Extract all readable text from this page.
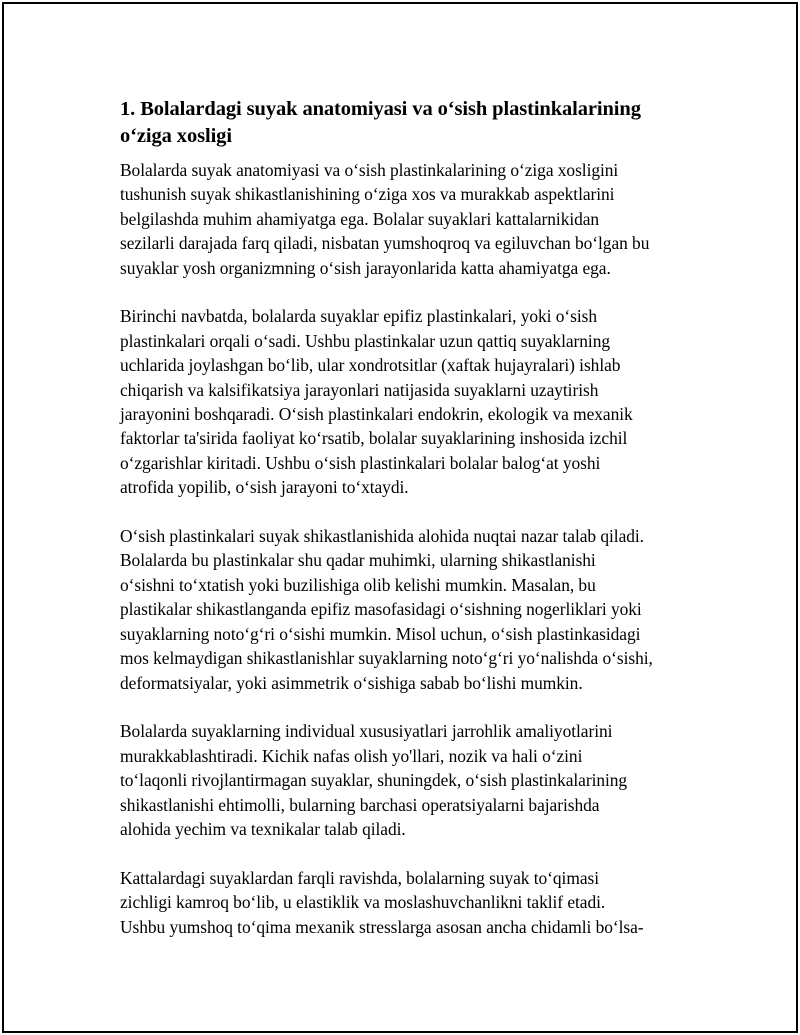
1. Bolalardagi suyak anatomiyasi va o‘sish plastinkalarining
o‘ziga xosligi

Bolalarda suyak anatomiyasi va o‘sish plastinkalarining o‘ziga xosligini
tushunish suyak shikastlanishining o‘ziga xos va murakkab aspektlarini
belgilashda muhim ahamiyatga ega. Bolalar suyaklari kattalarnikidan
sezilarli darajada farq qiladi, nisbatan yumshoqroq va egiluvchan bo‘lgan bu
suyaklar yosh organizmning o‘sish jarayonlarida katta ahamiyatga ega.

Birinchi navbatda, bolalarda suyaklar epifiz plastinkalari, yoki o‘sish
plastinkalari orqali o‘sadi. Ushbu plastinkalar uzun qattiq suyaklarning
uchlarida joylashgan bo‘lib, ular xondrotsitlar (xaftak hujayralari) ishlab
chiqarish va kalsifikatsiya jarayonlari natijasida suyaklarni uzaytirish
jarayonini boshqaradi. O‘sish plastinkalari endokrin, ekologik va mexanik
faktorlar ta'sirida faoliyat ko‘rsatib, bolalar suyaklarining inshosida izchil
o‘zgarishlar kiritadi. Ushbu o‘sish plastinkalari bolalar balog‘at yoshi
atrofida yopilib, o‘sish jarayoni to‘xtaydi.

O‘sish plastinkalari suyak shikastlanishida alohida nuqtai nazar talab qiladi.
Bolalarda bu plastinkalar shu qadar muhimki, ularning shikastlanishi
o‘sishni to‘xtatish yoki buzilishiga olib kelishi mumkin. Masalan, bu
plastikalar shikastlanganda epifiz masofasidagi o‘sishning nogerliklari yoki
suyaklarning noto‘g‘ri o‘sishi mumkin. Misol uchun, o‘sish plastinkasidagi
mos kelmaydigan shikastlanishlar suyaklarning noto‘g‘ri yo‘nalishda o‘sishi,
deformatsiyalar, yoki asimmetrik o‘sishiga sabab bo‘lishi mumkin.

Bolalarda suyaklarning individual xususiyatlari jarrohlik amaliyotlarini
murakkablashtiradi. Kichik nafas olish yo'llari, nozik va hali o‘zini
to‘laqonli rivojlantirmagan suyaklar, shuningdek, o‘sish plastinkalarining
shikastlanishi ehtimolli, bularning barchasi operatsiyalarni bajarishda
alohida yechim va texnikalar talab qiladi.

Kattalardagi suyaklardan farqli ravishda, bolalarning suyak to‘qimasi
zichligi kamroq bo‘lib, u elastiklik va moslashuvchanlikni taklif etadi.
Ushbu yumshoq to‘qima mexanik stresslarga asosan ancha chidamli bo‘lsa-
